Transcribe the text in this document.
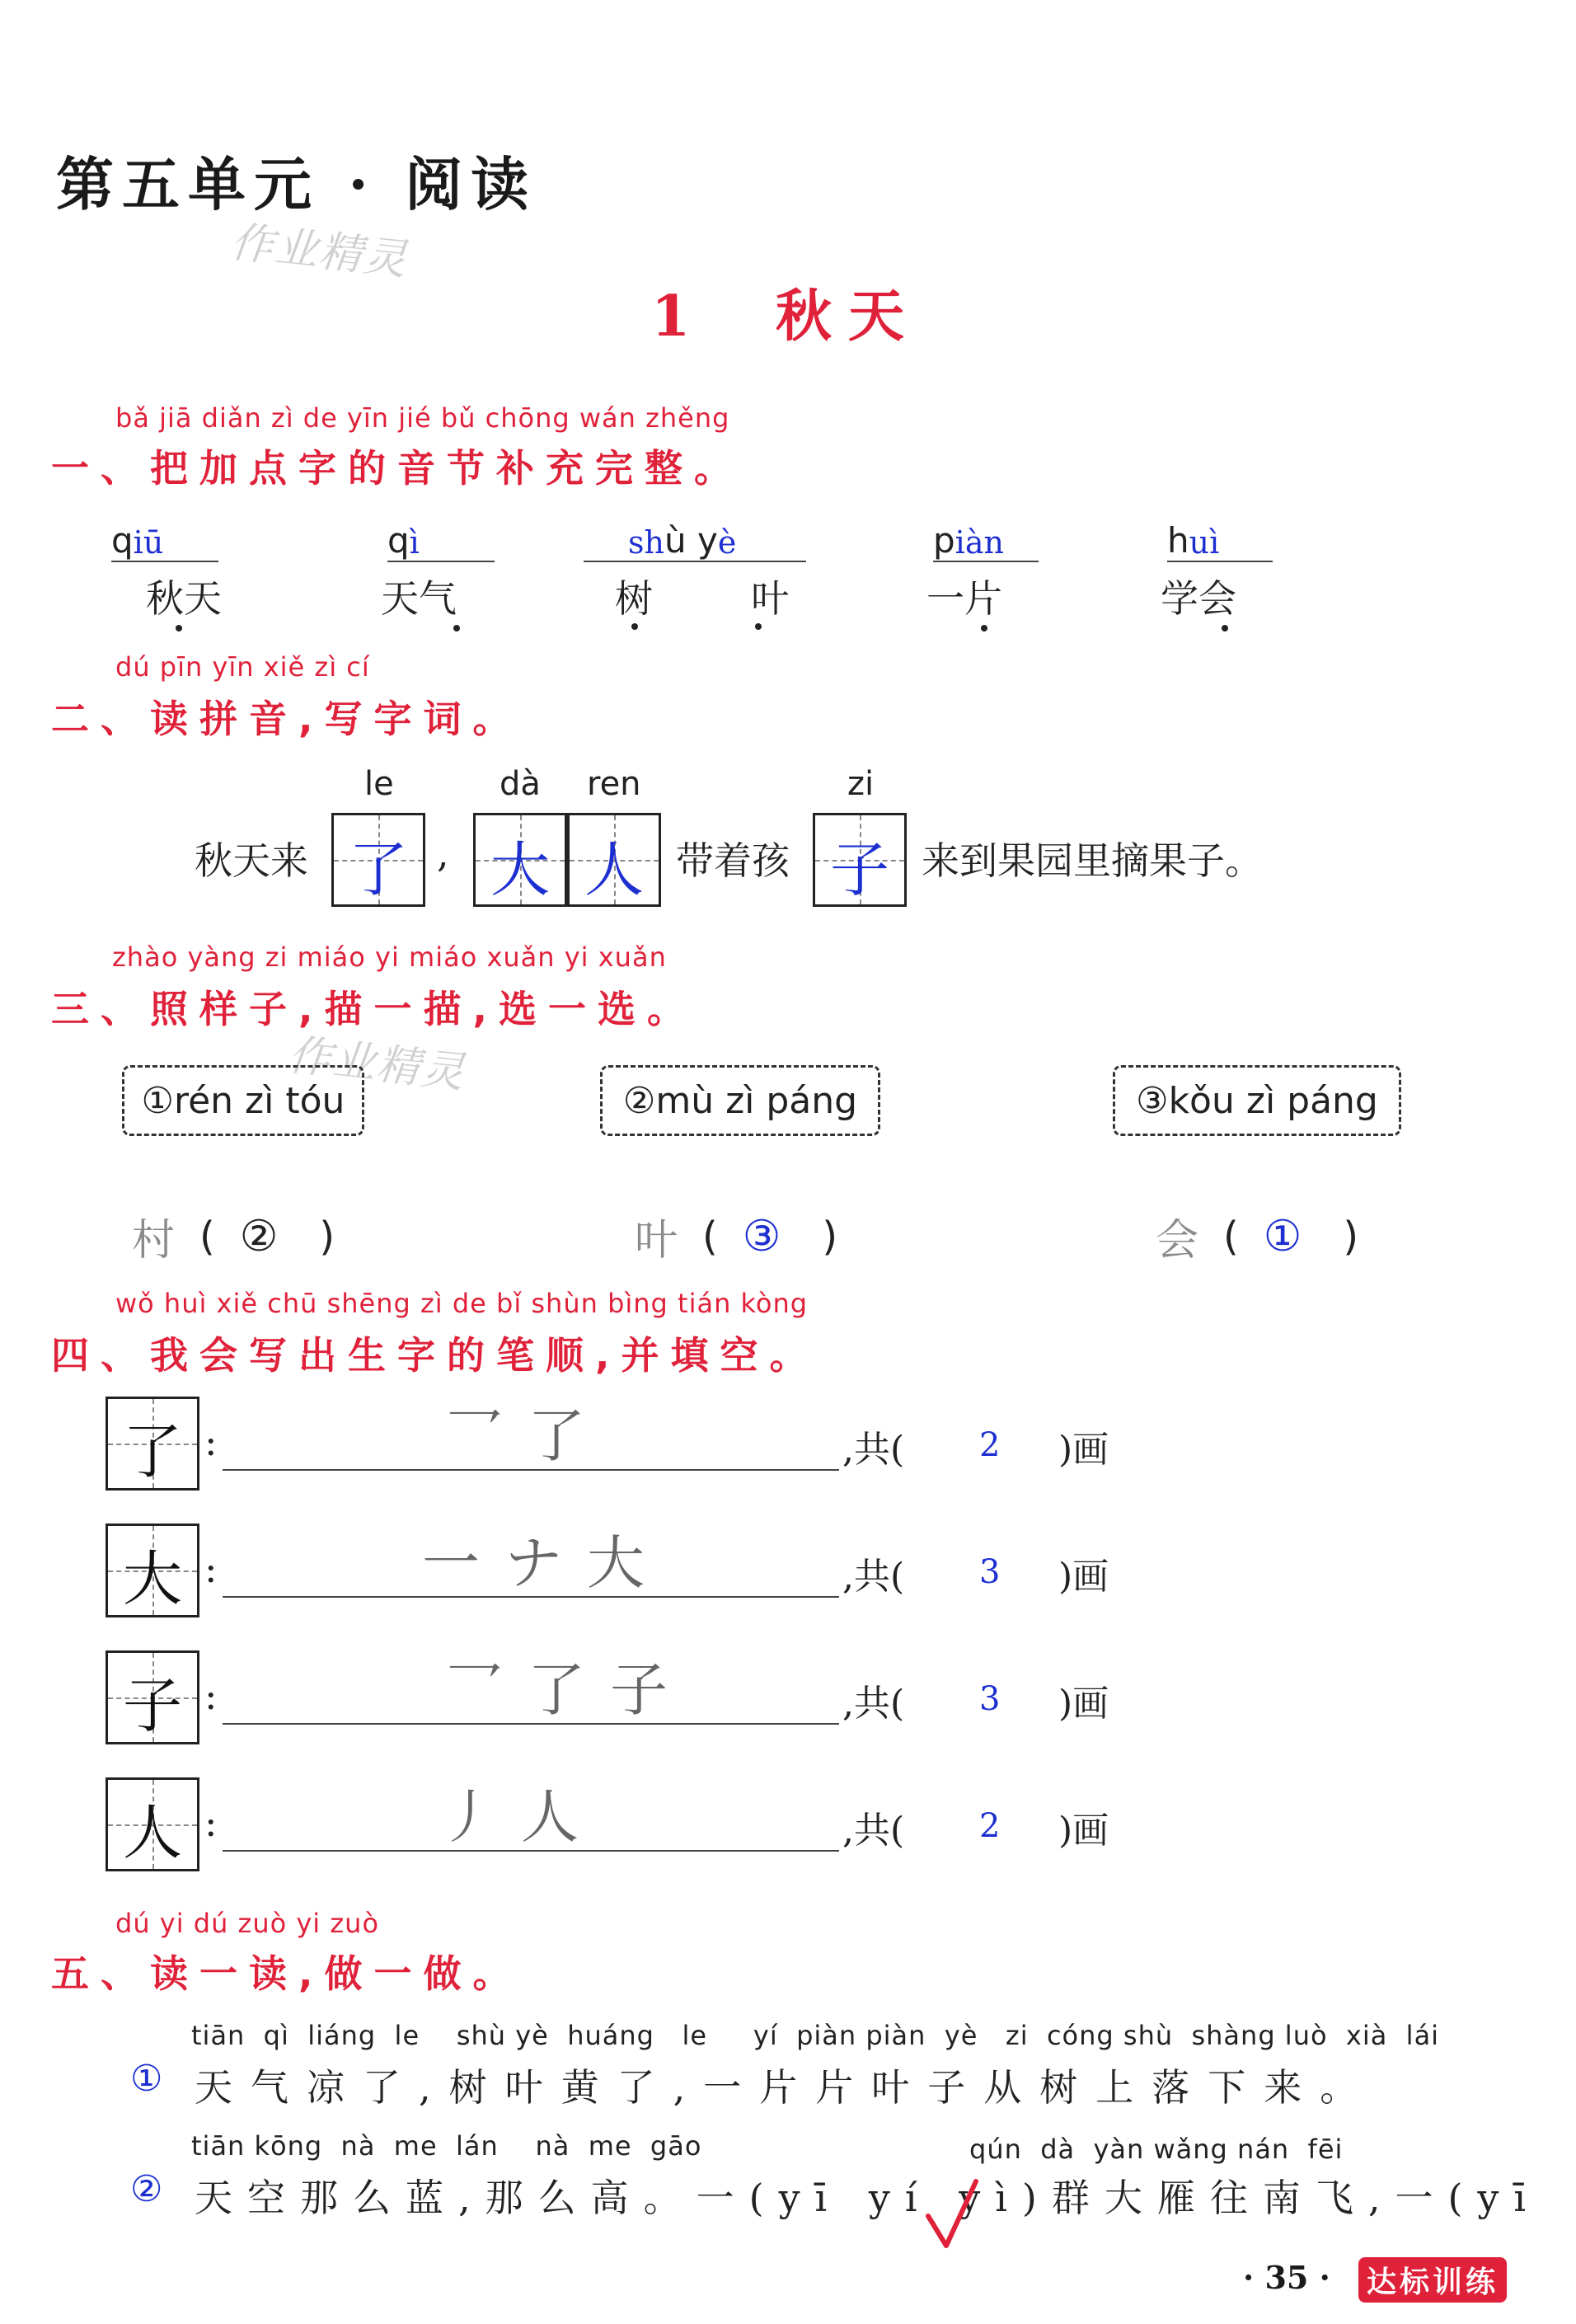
第五单元 · 阅读
作业精灵
1 秋天
bǎ jiā diǎn zì de yīn jié bǔ chōng wán zhěng
一、把加点字的音节补充完整。
q iū
秋天
q ì
天气
sh ù y è
树  叶
p iàn
一片
h uì
学会
dú pīn yīn xiě zì cí
二、读拼音,写字词。
le	dà ren	zi
秋天来 了 , 大 人 带着孩 子 来到果园里摘果子。
zhào yàng zi miáo yi miáo xuǎn yi xuǎn
三、照样子,描一描,选一选。
作业精灵
①rén zì tóu	②mù zì páng	③kǒu zì páng
村 ( ② )	叶 ( ③ )	会 ( ① )
wǒ huì xiě chū shēng zì de bǐ shùn bìng tián kòng
四、我会写出生字的笔顺,并填空。
了 :	乛了	,共( 2 )画
大 :	一ナ大	,共( 3 )画
子 :	乛了子	,共( 3 )画
人 :	丿人	,共( 2 )画
dú yi dú zuò yi zuò
五、读一读,做一做。
tiān  qì  liáng  le    shù yè  huáng   le     yí  piàn piàn  yè   zi  cóng shù  shàng luò  xià  lái
① 天气凉了,树叶黄了,一片片叶子从树上落下来。
tiān kōng  nà  me  lán    nà  me  gāo	qún  dà  yàn wǎng nán  fēi
② 天空那么蓝,那么高。一(yī yí yì)群大雁往南飞,一(yī
· 35 · 达标训练
